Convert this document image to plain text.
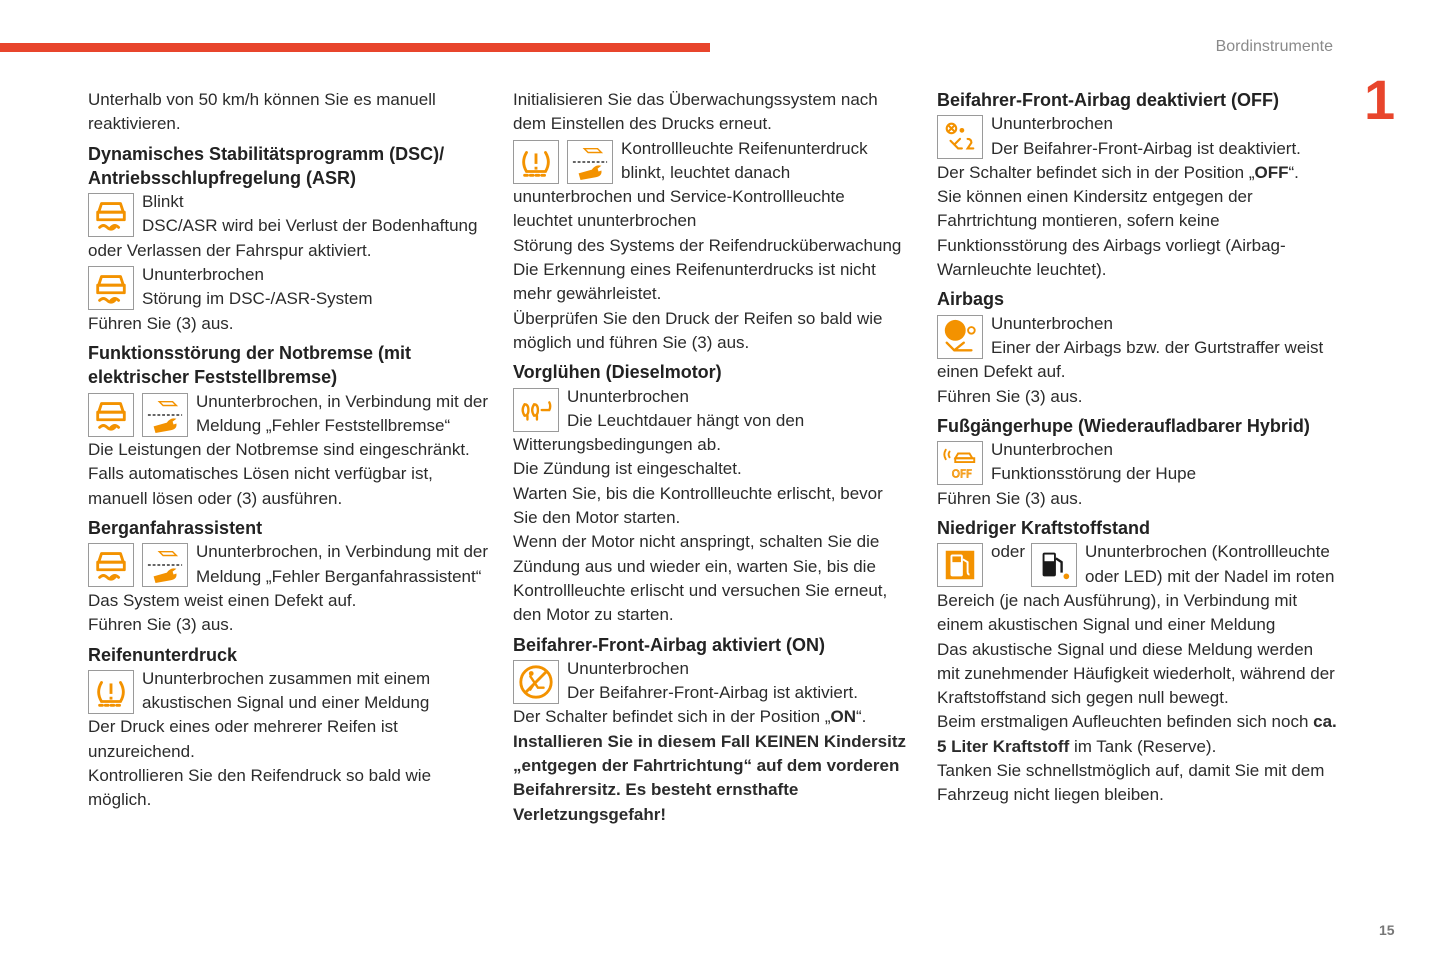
Bordinstrumente
1
15

Unterhalb von 50 km/h können Sie es manuell reaktivieren.

Dynamisches Stabilitätsprogramm (DSC)/ Antriebsschlupfregelung (ASR)

Blinkt

DSC/ASR wird bei Verlust der Bodenhaftung oder Verlassen der Fahrspur aktiviert.

Ununterbrochen

Störung im DSC-/ASR-System

Führen Sie (3) aus.

Funktionsstörung der Notbremse (mit elektrischer Feststellbremse)

Ununterbrochen, in Verbindung mit der Meldung „Fehler Feststellbremse“

Die Leistungen der Notbremse sind eingeschränkt.

Falls automatisches Lösen nicht verfügbar ist, manuell lösen oder (3) ausführen.

Berganfahrassistent

Ununterbrochen, in Verbindung mit der Meldung „Fehler Berganfahrassistent“

Das System weist einen Defekt auf.

Führen Sie (3) aus.

Reifenunterdruck

Ununterbrochen zusammen mit einem akustischen Signal und einer Meldung

Der Druck eines oder mehrerer Reifen ist unzureichend.

Kontrollieren Sie den Reifendruck so bald wie möglich.

Initialisieren Sie das Überwachungssystem nach dem Einstellen des Drucks erneut.

Kontrollleuchte Reifenunterdruck blinkt, leuchtet danach ununterbrochen und Service-Kontrollleuchte leuchtet ununterbrochen

Störung des Systems der Reifendrucküberwachung

Die Erkennung eines Reifenunterdrucks ist nicht mehr gewährleistet.

Überprüfen Sie den Druck der Reifen so bald wie möglich und führen Sie (3) aus.

Vorglühen (Dieselmotor)

Ununterbrochen

Die Leuchtdauer hängt von den Witterungsbedingungen ab.

Die Zündung ist eingeschaltet.

Warten Sie, bis die Kontrollleuchte erlischt, bevor Sie den Motor starten.

Wenn der Motor nicht anspringt, schalten Sie die Zündung aus und wieder ein, warten Sie, bis die Kontrollleuchte erlischt und versuchen Sie erneut, den Motor zu starten.

Beifahrer-Front-Airbag aktiviert (ON)

Ununterbrochen

Der Beifahrer-Front-Airbag ist aktiviert.

Der Schalter befindet sich in der Position „ON“.

Installieren Sie in diesem Fall KEINEN Kindersitz „entgegen der Fahrtrichtung“ auf dem vorderen Beifahrersitz. Es besteht ernsthafte Verletzungsgefahr!

Beifahrer-Front-Airbag deaktiviert (OFF)

Ununterbrochen

Der Beifahrer-Front-Airbag ist deaktiviert.

Der Schalter befindet sich in der Position „OFF“.

Sie können einen Kindersitz entgegen der Fahrtrichtung montieren, sofern keine Funktionsstörung des Airbags vorliegt (Airbag-Warnleuchte leuchtet).

Airbags

Ununterbrochen

Einer der Airbags bzw. der Gurtstraffer weist einen Defekt auf.

Führen Sie (3) aus.

Fußgängerhupe (Wiederaufladbarer Hybrid)
OFF

Ununterbrochen

Funktionsstörung der Hupe

Führen Sie (3) aus.

Niedriger Kraftstoffstand
oder	Ununterbrochen (Kontrollleuchte oder LED) mit der Nadel im roten Bereich (je nach Ausführung), in Verbindung mit einem akustischen Signal und einer Meldung

Das akustische Signal und diese Meldung werden mit zunehmender Häufigkeit wiederholt, während der Kraftstoffstand sich gegen null bewegt.

Beim erstmaligen Aufleuchten befinden sich noch ca. 5 Liter Kraftstoff im Tank (Reserve).

Tanken Sie schnellstmöglich auf, damit Sie mit dem Fahrzeug nicht liegen bleiben.
